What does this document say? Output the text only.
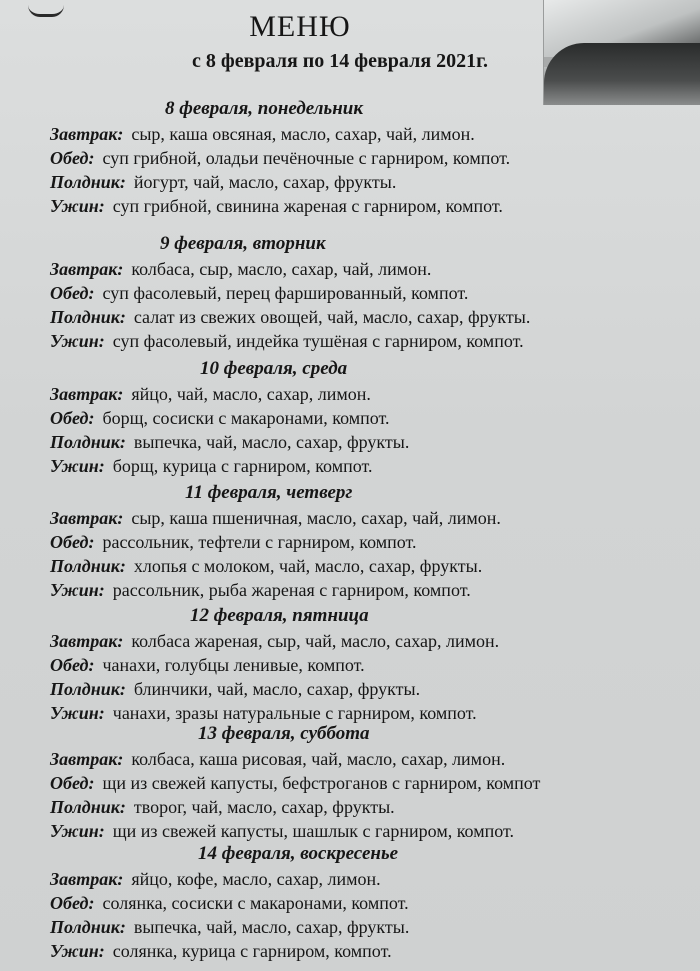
МЕНЮ
с 8 февраля по 14 февраля 2021г.
8 февраля, понедельник
Завтрак: сыр, каша овсяная, масло, сахар, чай, лимон.
Обед: суп грибной, оладьи печёночные с гарниром, компот.
Полдник: йогурт, чай, масло, сахар, фрукты.
Ужин: суп грибной, свинина жареная с гарниром, компот.
9 февраля, вторник
Завтрак: колбаса, сыр, масло, сахар, чай, лимон.
Обед: суп фасолевый, перец фаршированный, компот.
Полдник: салат из свежих овощей, чай, масло, сахар, фрукты.
Ужин: суп фасолевый, индейка тушёная с гарниром, компот.
10 февраля, среда
Завтрак: яйцо, чай, масло, сахар, лимон.
Обед: борщ, сосиски с макаронами, компот.
Полдник: выпечка, чай, масло, сахар, фрукты.
Ужин: борщ, курица с гарниром, компот.
11 февраля, четверг
Завтрак: сыр, каша пшеничная, масло, сахар, чай, лимон.
Обед: рассольник, тефтели с гарниром, компот.
Полдник: хлопья с молоком, чай, масло, сахар, фрукты.
Ужин: рассольник, рыба жареная с гарниром, компот.
12 февраля, пятница
Завтрак: колбаса жареная, сыр, чай, масло, сахар, лимон.
Обед: чанахи, голубцы ленивые, компот.
Полдник: блинчики, чай, масло, сахар, фрукты.
Ужин: чанахи, зразы натуральные с гарниром, компот.
13 февраля, суббота
Завтрак: колбаса, каша рисовая, чай, масло, сахар, лимон.
Обед: щи из свежей капусты, бефстроганов с гарниром, компот
Полдник: творог, чай, масло, сахар, фрукты.
Ужин: щи из свежей капусты, шашлык с гарниром, компот.
14 февраля, воскресенье
Завтрак: яйцо, кофе, масло, сахар, лимон.
Обед: солянка, сосиски с макаронами, компот.
Полдник: выпечка, чай, масло, сахар, фрукты.
Ужин: солянка, курица с гарниром, компот.
